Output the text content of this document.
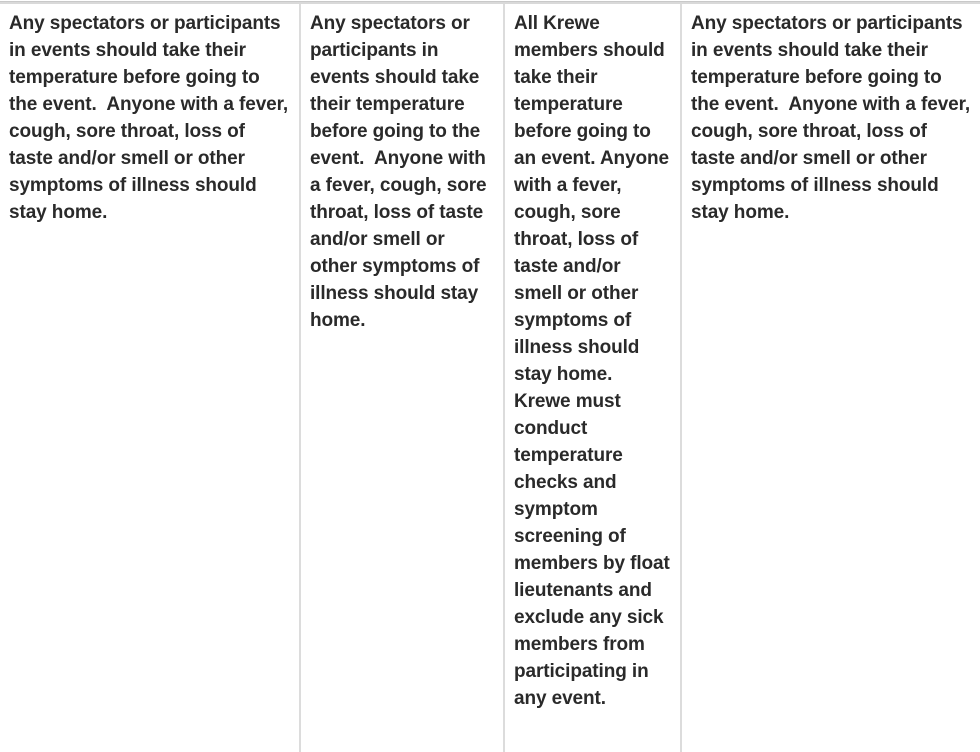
Any spectators or participants in events should take their temperature before going to the event.  Anyone with a fever, cough, sore throat, loss of taste and/or smell or other symptoms of illness should stay home.

Any spectators or participants in events should take their temperature before going to the event.  Anyone with a fever, cough, sore throat, loss of taste and/or smell or other symptoms of illness should stay home.

All Krewe members should take their temperature before going to an event. Anyone with a fever, cough, sore throat, loss of taste and/or smell or other symptoms of illness should stay home. Krewe must conduct temperature checks and symptom screening of members by float lieutenants and exclude any sick members from participating in any event.

Any spectators or participants in events should take their temperature before going to the event.  Anyone with a fever, cough, sore throat, loss of taste and/or smell or other symptoms of illness should stay home.
